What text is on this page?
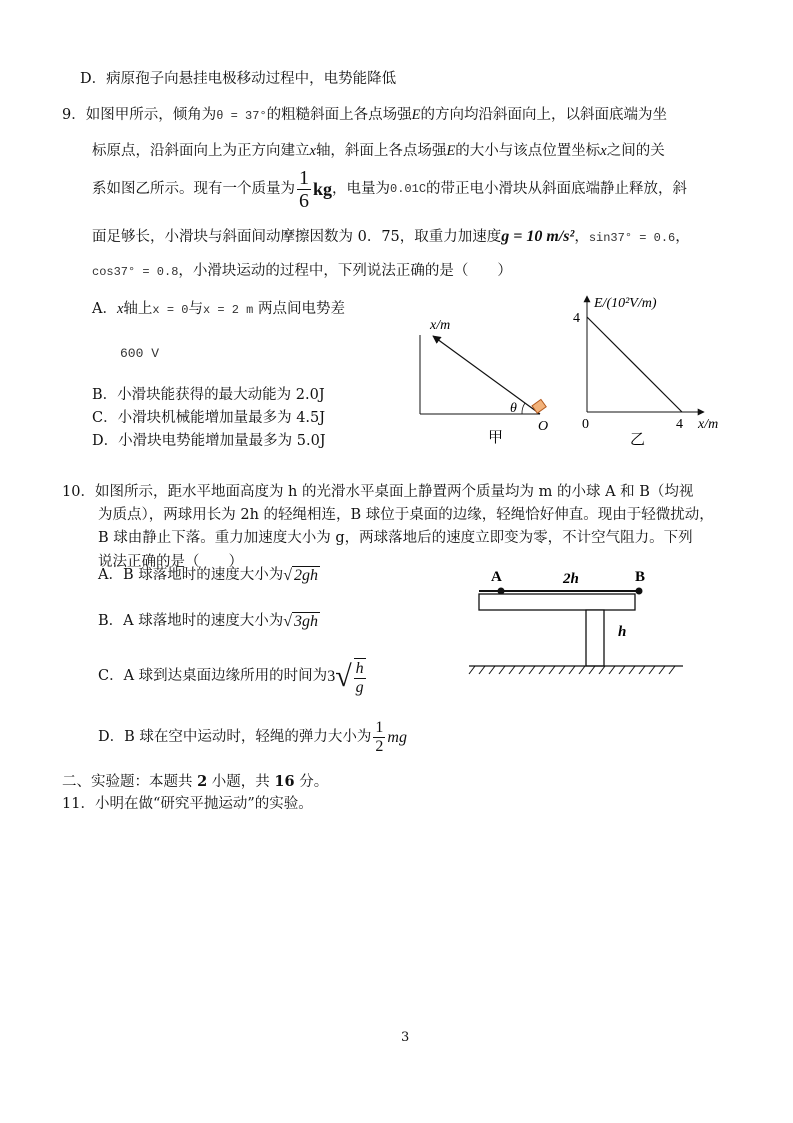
D．病原孢子向悬挂电极移动过程中，电势能降低
9．如图甲所示，倾角为θ = 37°的粗糙斜面上各点场强E的方向均沿斜面向上，以斜面底端为坐
标原点，沿斜面向上为正方向建立x轴，斜面上各点场强E的大小与该点位置坐标x之间的关
系如图乙所示。现有一个质量为 $\frac{1}{6}$ kg ，电量为 0.01C 的带正电小滑块从斜面底端静止释放，斜
面足够长，小滑块与斜面间动摩擦因数为 0．75，取重力加速度g = 10 m/s²，sin37° = 0.6，
cos37° = 0.8，小滑块运动的过程中，下列说法正确的是（　　）
A．x轴上x = 0与x = 2 m 两点间电势差
600 V
B．小滑块能获得的最大动能为 2.0J
C．小滑块机械能增加量最多为 4.5J
D．小滑块电势能增加量最多为 5.0J
x/m
θ
O
甲
E/(10²V/m)
4
0	4 x/m
乙
10．如图所示，距水平地面高度为 h 的光滑水平桌面上静置两个质量均为 m 的小球 A 和 B（均视
为质点），两球用长为 2h 的轻绳相连，B 球位于桌面的边缘，轻绳恰好伸直。现由于轻微扰动，
B 球由静止下落。重力加速度大小为 g，两球落地后的速度立即变为零，不计空气阻力。下列
说法正确的是（　　）
A．B 球落地时的速度大小为 √ 2gh
B．A 球落地时的速度大小为 √ 3gh
C．A 球到达桌面边缘所用的时间为 3 √ $\frac{h}{g}$
D．B 球在空中运动时，轻绳的弹力大小为 $\frac{1}{2}$ mg
A	2h	B
h
二、实验题：本题共 2 小题，共 16 分。
11．小明在做“研究平抛运动”的实验。
3
